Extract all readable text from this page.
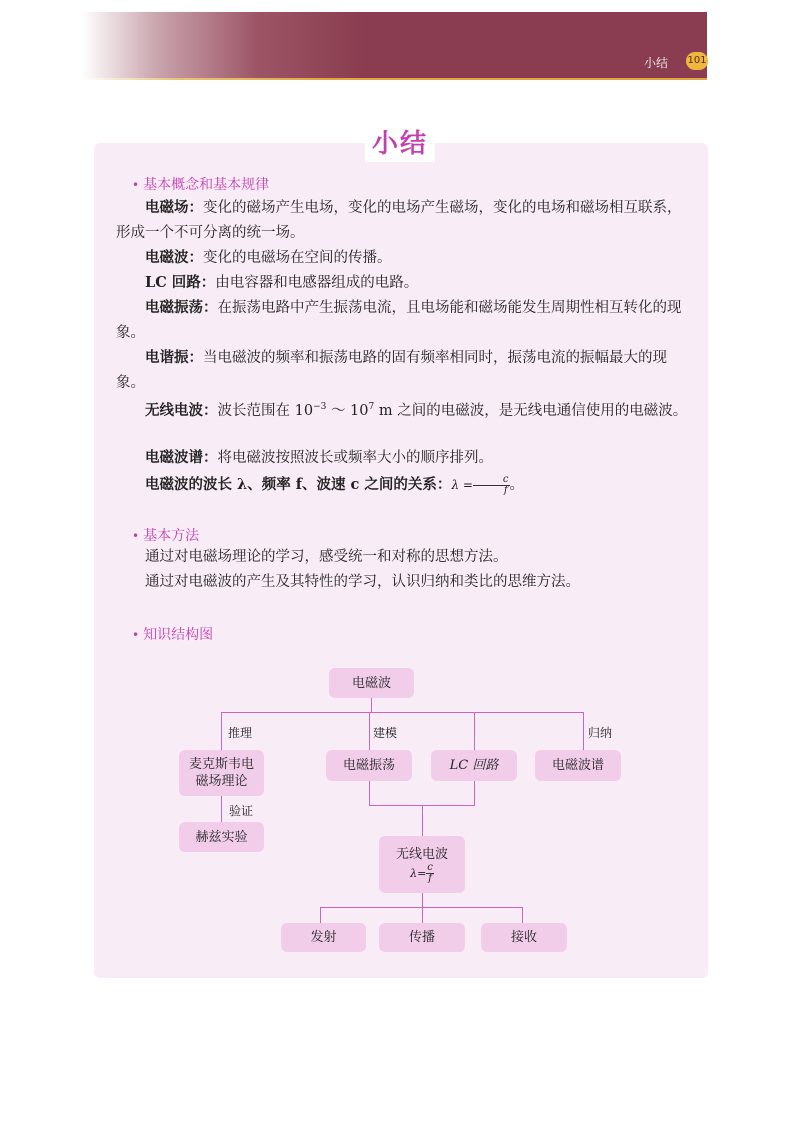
小结 101
小结
• 基本概念和基本规律
电磁场：变化的磁场产生电场，变化的电场产生磁场，变化的电场和磁场相互联系，形成一个不可分离的统一场。
电磁波：变化的电磁场在空间的传播。
LC 回路：由电容器和电感器组成的电路。
电磁振荡：在振荡电路中产生振荡电流，且电场能和磁场能发生周期性相互转化的现象。
电谐振：当电磁波的频率和振荡电路的固有频率相同时，振荡电流的振幅最大的现象。
无线电波：波长范围在 $10^{-3}$ ～ $10^7$ m 之间的电磁波，是无线电通信使用的电磁波。
电磁波谱：将电磁波按照波长或频率大小的顺序排列。
电磁波的波长 λ、频率 f、波速 c 之间的关系：$\lambda = \frac{c}{f}$ 。
• 基本方法
通过对电磁场理论的学习，感受统一和对称的思想方法。
通过对电磁波的产生及其特性的学习，认识归纳和类比的思维方法。
• 知识结构图
电磁波
推理	建模	归纳
验证
麦克斯韦电
磁场理论
电磁振荡	LC 回路	电磁波谱
赫兹实验
无线电波
$\lambda= \frac{c}{f}$
发射	传播	接收
